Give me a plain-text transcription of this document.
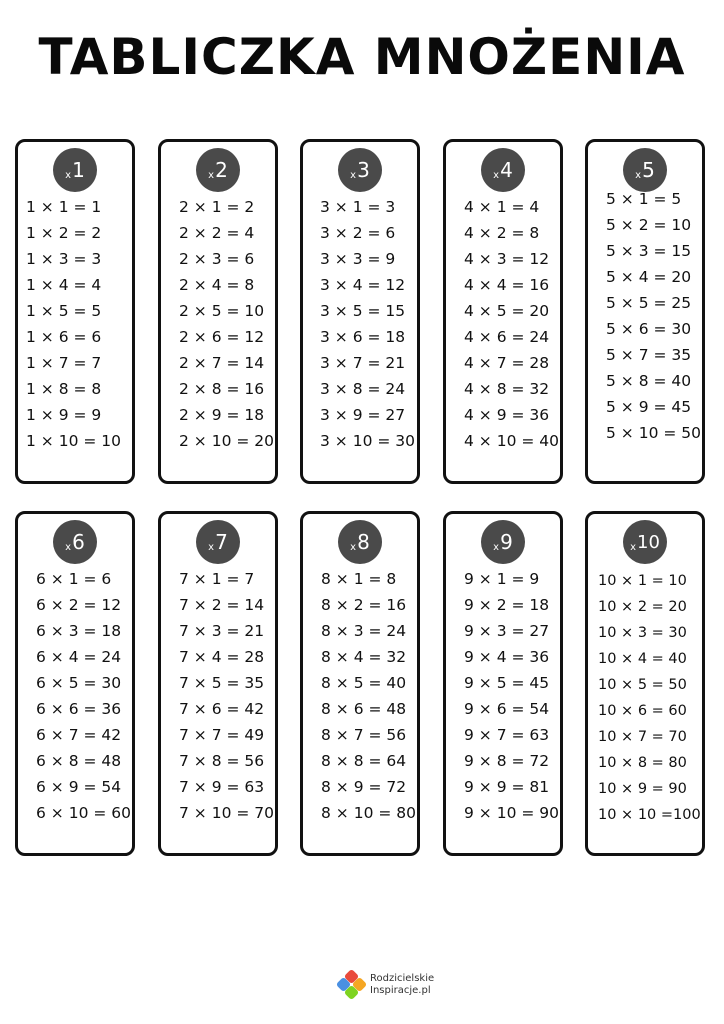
TABLICZKA MNOŻENIA
x 1
1 × 1 = 1
1 × 2 = 2
1 × 3 = 3
1 × 4 = 4
1 × 5 = 5
1 × 6 = 6
1 × 7 = 7
1 × 8 = 8
1 × 9 = 9
1 × 10 = 10
x 2
2 × 1 = 2
2 × 2 = 4
2 × 3 = 6
2 × 4 = 8
2 × 5 = 10
2 × 6 = 12
2 × 7 = 14
2 × 8 = 16
2 × 9 = 18
2 × 10 = 20
x 3
3 × 1 = 3
3 × 2 = 6
3 × 3 = 9
3 × 4 = 12
3 × 5 = 15
3 × 6 = 18
3 × 7 = 21
3 × 8 = 24
3 × 9 = 27
3 × 10 = 30
x 4
4 × 1 = 4
4 × 2 = 8
4 × 3 = 12
4 × 4 = 16
4 × 5 = 20
4 × 6 = 24
4 × 7 = 28
4 × 8 = 32
4 × 9 = 36
4 × 10 = 40
x 5
5 × 1 = 5
5 × 2 = 10
5 × 3 = 15
5 × 4 = 20
5 × 5 = 25
5 × 6 = 30
5 × 7 = 35
5 × 8 = 40
5 × 9 = 45
5 × 10 = 50
x 6
6 × 1 = 6
6 × 2 = 12
6 × 3 = 18
6 × 4 = 24
6 × 5 = 30
6 × 6 = 36
6 × 7 = 42
6 × 8 = 48
6 × 9 = 54
6 × 10 = 60
x 7
7 × 1 = 7
7 × 2 = 14
7 × 3 = 21
7 × 4 = 28
7 × 5 = 35
7 × 6 = 42
7 × 7 = 49
7 × 8 = 56
7 × 9 = 63
7 × 10 = 70
x 8
8 × 1 = 8
8 × 2 = 16
8 × 3 = 24
8 × 4 = 32
8 × 5 = 40
8 × 6 = 48
8 × 7 = 56
8 × 8 = 64
8 × 9 = 72
8 × 10 = 80
x 9
9 × 1 = 9
9 × 2 = 18
9 × 3 = 27
9 × 4 = 36
9 × 5 = 45
9 × 6 = 54
9 × 7 = 63
9 × 8 = 72
9 × 9 = 81
9 × 10 = 90
x 10
10 × 1 = 10
10 × 2 = 20
10 × 3 = 30
10 × 4 = 40
10 × 5 = 50
10 × 6 = 60
10 × 7 = 70
10 × 8 = 80
10 × 9 = 90
10 × 10 =100
Rodzicielskie
Inspiracje.pl
